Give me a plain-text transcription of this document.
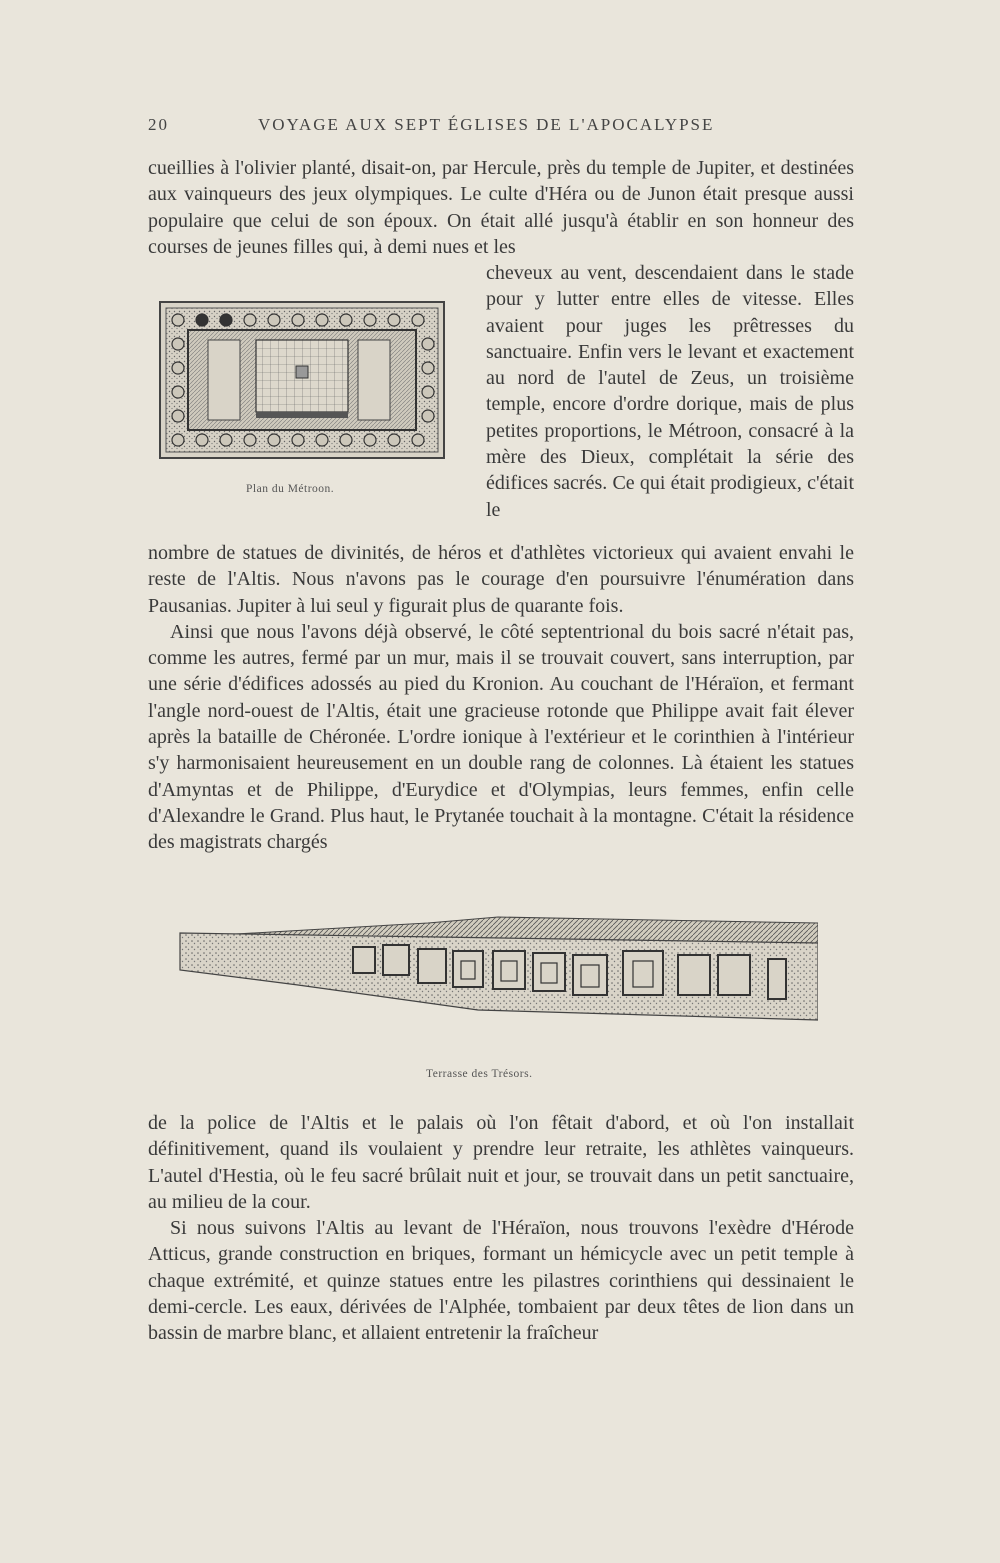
20	VOYAGE AUX SEPT ÉGLISES DE L'APOCALYPSE

cueillies à l'olivier planté, disait-on, par Hercule, près du temple de Jupiter, et destinées aux vainqueurs des jeux olympiques. Le culte d'Héra ou de Junon était presque aussi populaire que celui de son époux. On était allé jusqu'à établir en son honneur des courses de jeunes filles qui, à demi nues et les

Plan du Métroon.

cheveux au vent, descendaient dans le stade pour y lutter entre elles de vitesse. Elles avaient pour juges les prêtresses du sanctuaire. Enfin vers le levant et exactement au nord de l'autel de Zeus, un troisième temple, encore d'ordre dorique, mais de plus petites proportions, le Métroon, consacré à la mère des Dieux, complétait la série des édifices sacrés. Ce qui était prodigieux, c'était le

nombre de statues de divinités, de héros et d'athlètes victorieux qui avaient envahi le reste de l'Altis. Nous n'avons pas le courage d'en poursuivre l'énumération dans Pausanias. Jupiter à lui seul y figurait plus de quarante fois.

Ainsi que nous l'avons déjà observé, le côté septentrional du bois sacré n'était pas, comme les autres, fermé par un mur, mais il se trouvait couvert, sans interruption, par une série d'édifices adossés au pied du Kronion. Au couchant de l'Héraïon, et fermant l'angle nord-ouest de l'Altis, était une gracieuse rotonde que Philippe avait fait élever après la bataille de Chéronée. L'ordre ionique à l'extérieur et le corinthien à l'intérieur s'y harmonisaient heureusement en un double rang de colonnes. Là étaient les statues d'Amyntas et de Philippe, d'Eurydice et d'Olympias, leurs femmes, enfin celle d'Alexandre le Grand. Plus haut, le Prytanée touchait à la montagne. C'était la résidence des magistrats chargés

Terrasse des Trésors.

de la police de l'Altis et le palais où l'on fêtait d'abord, et où l'on installait définitivement, quand ils voulaient y prendre leur retraite, les athlètes vainqueurs. L'autel d'Hestia, où le feu sacré brûlait nuit et jour, se trouvait dans un petit sanctuaire, au milieu de la cour.

Si nous suivons l'Altis au levant de l'Héraïon, nous trouvons l'exèdre d'Hérode Atticus, grande construction en briques, formant un hémicycle avec un petit temple à chaque extrémité, et quinze statues entre les pilastres corinthiens qui dessinaient le demi-cercle. Les eaux, dérivées de l'Alphée, tombaient par deux têtes de lion dans un bassin de marbre blanc, et allaient entretenir la fraîcheur
